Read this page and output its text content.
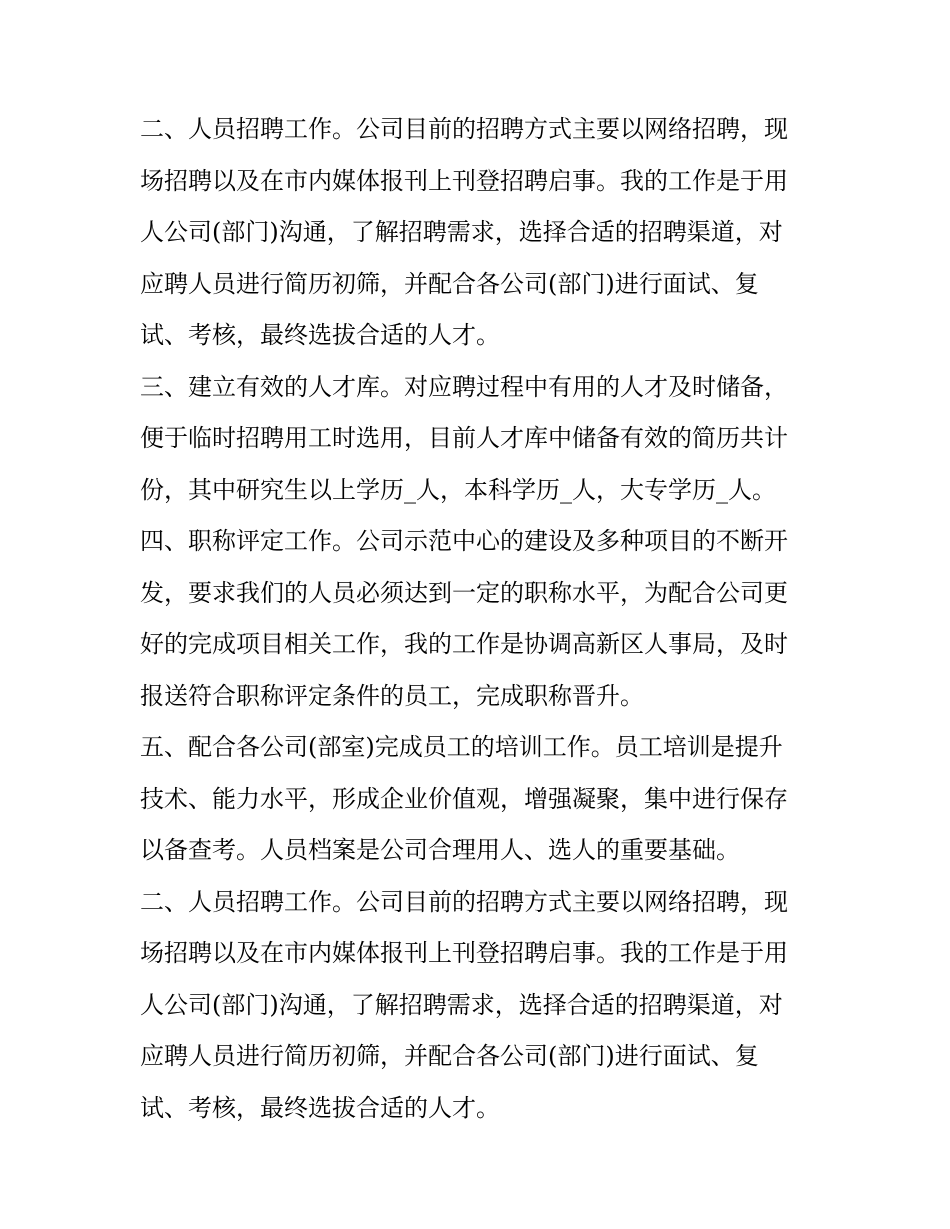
二、人员招聘工作。公司目前的招聘方式主要以网络招聘，现
场招聘以及在市内媒体报刊上刊登招聘启事。我的工作是于用
人公司(部门)沟通，了解招聘需求，选择合适的招聘渠道，对
应聘人员进行简历初筛，并配合各公司(部门)进行面试、复
试、考核，最终选拔合适的人才。
三、建立有效的人才库。对应聘过程中有用的人才及时储备，
便于临时招聘用工时选用，目前人才库中储备有效的简历共计
份，其中研究生以上学历_人，本科学历_人，大专学历_人。
四、职称评定工作。公司示范中心的建设及多种项目的不断开
发，要求我们的人员必须达到一定的职称水平，为配合公司更
好的完成项目相关工作，我的工作是协调高新区人事局，及时
报送符合职称评定条件的员工，完成职称晋升。
五、配合各公司(部室)完成员工的培训工作。员工培训是提升
技术、能力水平，形成企业价值观，增强凝聚，集中进行保存
以备查考。人员档案是公司合理用人、选人的重要基础。
二、人员招聘工作。公司目前的招聘方式主要以网络招聘，现
场招聘以及在市内媒体报刊上刊登招聘启事。我的工作是于用
人公司(部门)沟通，了解招聘需求，选择合适的招聘渠道，对
应聘人员进行简历初筛，并配合各公司(部门)进行面试、复
试、考核，最终选拔合适的人才。
